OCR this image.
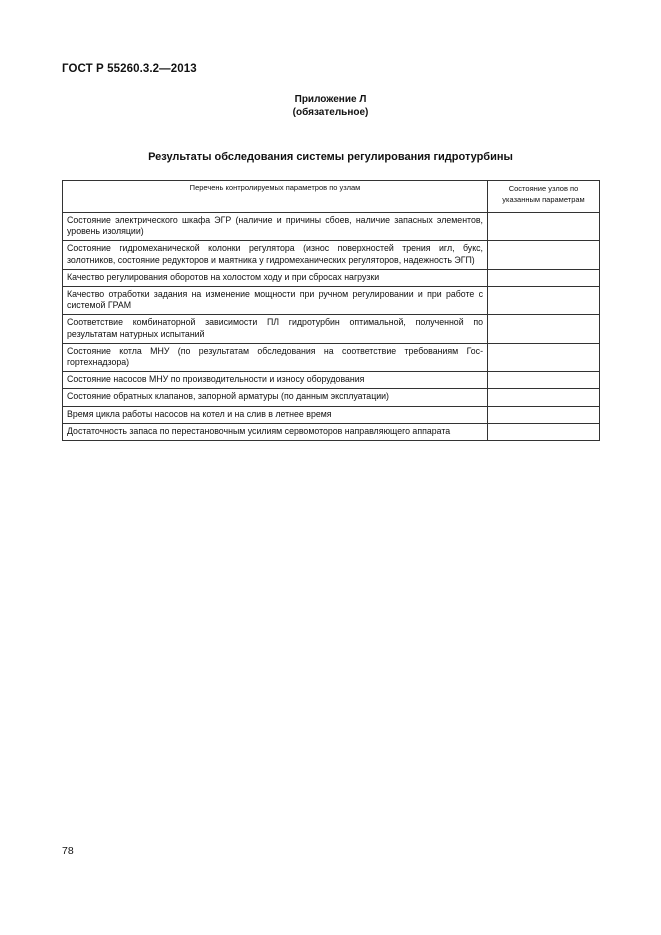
ГОСТ Р 55260.3.2—2013
Приложение Л
(обязательное)
Результаты обследования системы регулирования гидротурбины
Перечень контролируемых параметров по узлам	Состояние узлов по указанным параметрам
Состояние электрического шкафа ЭГР (наличие и причины сбоев, наличие запасных элементов, уровень изоляции)	
Состояние гидромеханической колонки регулятора (износ поверхностей трения игл, букс, золотников, состояние редукторов и маятника у гидромеханических регуляторов, надежность ЭГП)	
Качество регулирования оборотов на холостом ходу и при сбросах нагрузки	
Качество отработки задания на изменение мощности при ручном регулировании и при работе с системой ГРАМ	
Соответствие комбинаторной зависимости ПЛ гидротурбин оптимальной, полученной по результатам натурных испытаний	
Состояние котла МНУ (по результатам обследования на соответствие требованиям Госгортехнадзора)	
Состояние насосов МНУ по производительности и износу оборудования	
Состояние обратных клапанов, запорной арматуры (по данным эксплуатации)	
Время цикла работы насосов на котел и на слив в летнее время	
Достаточность запаса по перестановочным усилиям сервомоторов направляющего аппарата	
78
